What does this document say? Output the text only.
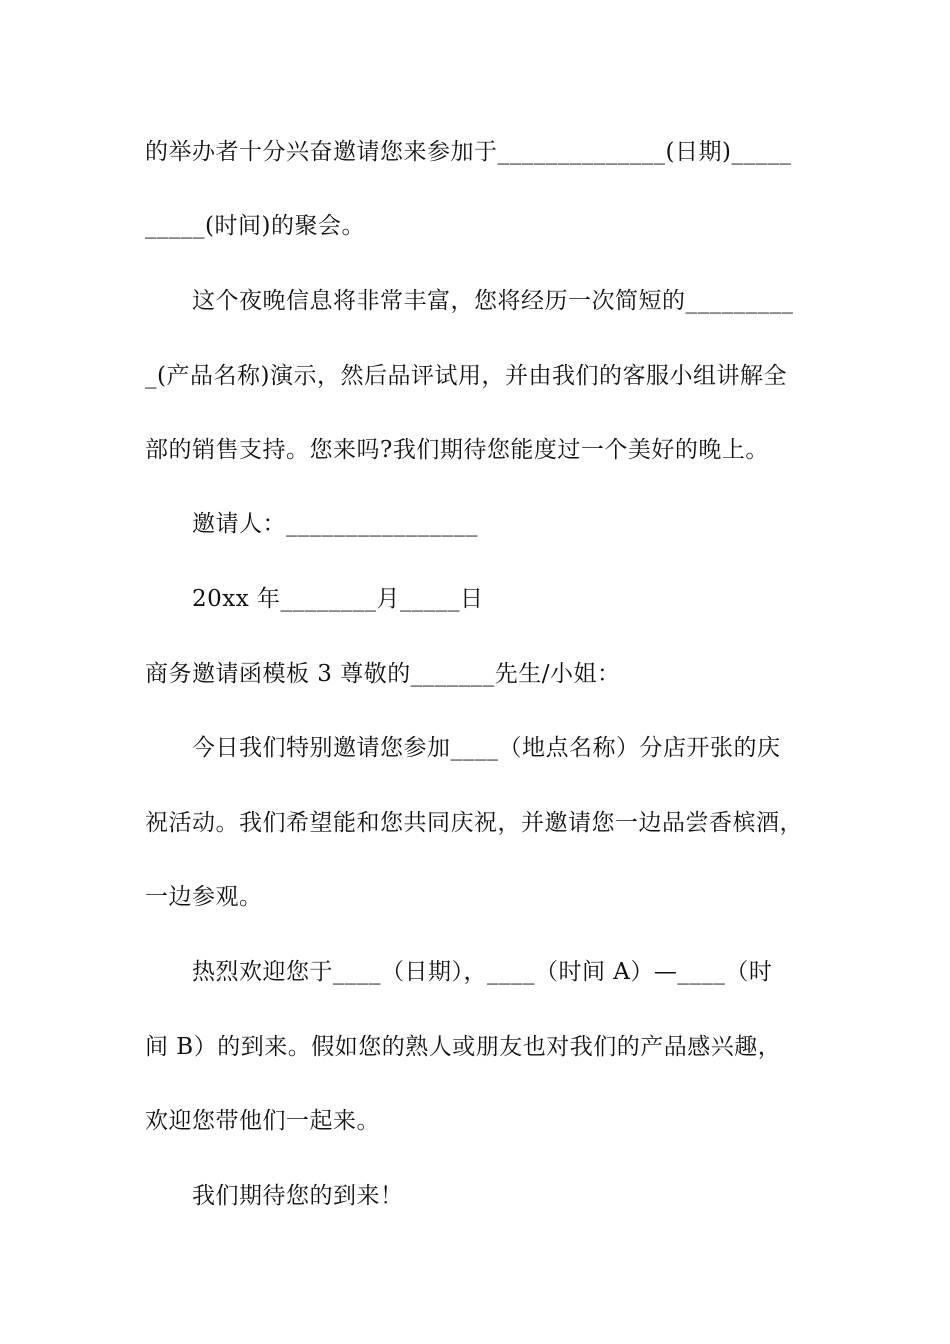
的举办者十分兴奋邀请您来参加于______________(日期)_____
_____(时间)的聚会。
这个夜晚信息将非常丰富，您将经历一次简短的_________
_(产品名称)演示，然后品评试用，并由我们的客服小组讲解全
部的销售支持。您来吗?我们期待您能度过一个美好的晚上。
邀请人：________________
20xx 年________月_____日
商务邀请函模板 3 尊敬的_______先生/小姐：
今日我们特别邀请您参加____（地点名称）分店开张的庆
祝活动。我们希望能和您共同庆祝，并邀请您一边品尝香槟酒，
一边参观。
热烈欢迎您于____（日期），____（时间 A）—____（时
间 B）的到来。假如您的熟人或朋友也对我们的产品感兴趣，
欢迎您带他们一起来。
我们期待您的到来！
